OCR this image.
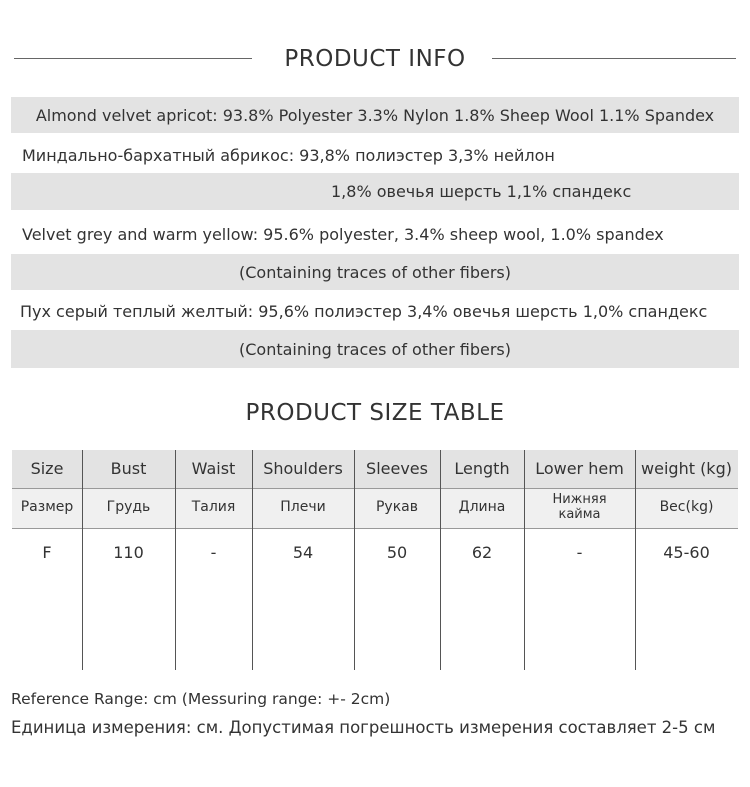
PRODUCT INFO
Almond velvet apricot: 93.8% Polyester 3.3% Nylon 1.8% Sheep Wool 1.1% Spandex
Миндально-бархатный абрикос: 93,8% полиэстер 3,3% нейлон
1,8% овечья шерсть 1,1% спандекс
Velvet grey and warm yellow: 95.6% polyester, 3.4% sheep wool, 1.0% spandex
(Containing traces of other fibers)
Пух серый теплый желтый: 95,6% полиэстер 3,4% овечья шерсть 1,0% спандекс
(Containing traces of other fibers)
PRODUCT SIZE TABLE
Size
Размер
F
Bust
Грудь
110
Waist
Талия
-
Shoulders
Плечи
54
Sleeves
Рукав
50
Length
Длина
62
Lower hem
Нижняя
кайма
-
weight (kg)
Вес(kg)
45-60
Reference Range: cm (Messuring range: +- 2cm)
Единица измерения: см. Допустимая погрешность измерения составляет 2-5 см
